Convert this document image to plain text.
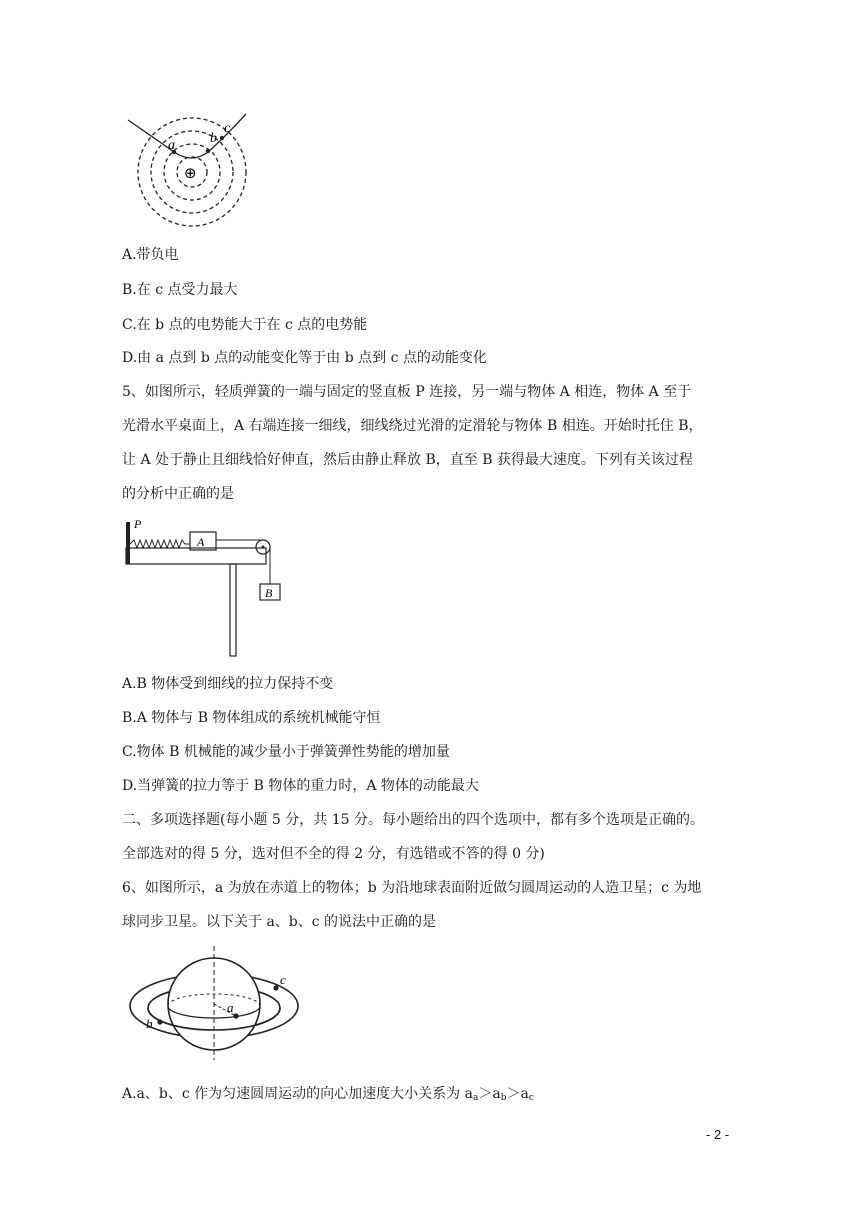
a	b
c
⊕
A.带负电
B.在 c 点受力最大
C.在 b 点的电势能大于在 c 点的电势能
D.由 a 点到 b 点的动能变化等于由 b 点到 c 点的动能变化
5、如图所示，轻质弹簧的一端与固定的竖直板 P 连接，另一端与物体 A 相连，物体 A 至于
光滑水平桌面上，A 右端连接一细线，细线绕过光滑的定滑轮与物体 B 相连。开始时托住 B，
让 A 处于静止且细线恰好伸直，然后由静止释放 B，直至 B 获得最大速度。下列有关该过程
的分析中正确的是
P
A
B
A.B 物体受到细线的拉力保持不变
B.A 物体与 B 物体组成的系统机械能守恒
C.物体 B 机械能的减少量小于弹簧弹性势能的增加量
D.当弹簧的拉力等于 B 物体的重力时，A 物体的动能最大
二、多项选择题(每小题 5 分，共 15 分。每小题给出的四个选项中，都有多个选项是正确的。
全部选对的得 5 分，选对但不全的得 2 分，有选错或不答的得 0 分)
6、如图所示，a 为放在赤道上的物体；b 为沿地球表面附近做匀圆周运动的人造卫星；c 为地
球同步卫星。以下关于 a、b、c 的说法中正确的是
a
b
c
A.a、b、c 作为匀速圆周运动的向心加速度大小关系为 $a_a>a_b>a_c$
- 2 -
